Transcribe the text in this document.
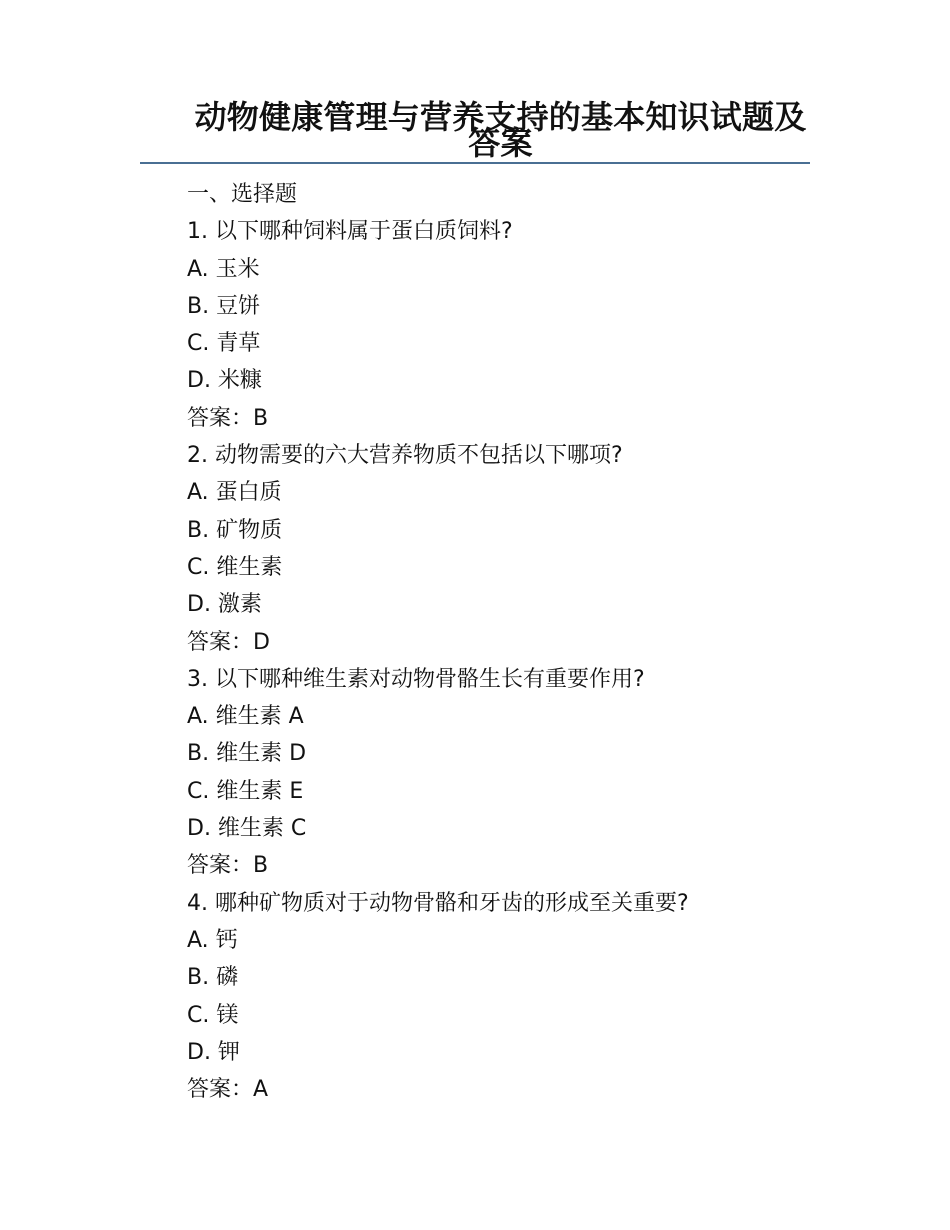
动物健康管理与营养支持的基本知识试题及答案
一、选择题
1. 以下哪种饲料属于蛋白质饲料?
A. 玉米
B. 豆饼
C. 青草
D. 米糠
答案：B
2. 动物需要的六大营养物质不包括以下哪项?
A. 蛋白质
B. 矿物质
C. 维生素
D. 激素
答案：D
3. 以下哪种维生素对动物骨骼生长有重要作用?
A. 维生素 A
B. 维生素 D
C. 维生素 E
D. 维生素 C
答案：B
4. 哪种矿物质对于动物骨骼和牙齿的形成至关重要?
A. 钙
B. 磷
C. 镁
D. 钾
答案：A
